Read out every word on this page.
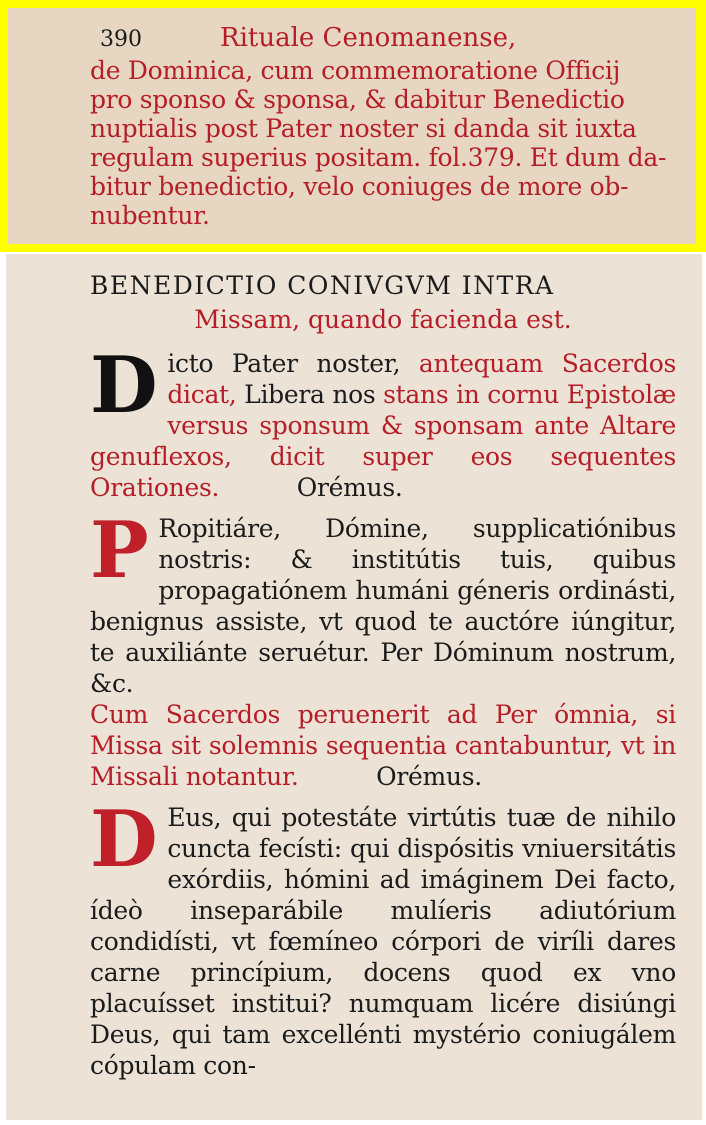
390	Rituale Cenomanense,

de Dominica, cum commemoratione Officij

pro sponso & sponsa, & dabitur Benedictio

nuptialis post Pater noster si danda sit iuxta

regulam superius positam. fol.379. Et dum da-

bitur benedictio, velo coniuges de more ob-

nubentur.

BENEDICTIO CONIVGVM INTRA

Missam, quando facienda est.

Dicto Pater noster, antequam Sacerdos dicat, Libera nos stans in cornu Epistolæ versus sponsum & sponsam ante Altare genuflexos, dicit super eos sequentes Orationes.	Orémus.
P Ropitiáre, Dómine, supplicatiónibus nostris: & institútis tuis, quibus propagatiónem humáni géneris ordinásti, benignus assiste, vt quod te auctóre iúngitur, te auxiliánte seruétur. Per Dóminum nostrum, &c.
Cum Sacerdos peruenerit ad Per ómnia, si Missa sit solemnis sequentia cantabuntur, vt in Missali notantur.	Orémus.
D Eus, qui potestáte virtútis tuæ de nihilo cuncta fecísti: qui dispósitis vniuersitátis exórdiis, hómini ad imáginem Dei facto, ídeò inseparábile mulíeris adiutórium condidísti, vt fœmíneo córpori de viríli dares carne princípium, docens quod ex vno placuísset institui? numquam licére disiúngi Deus, qui tam excellénti mystério coniugálem cópulam con-
